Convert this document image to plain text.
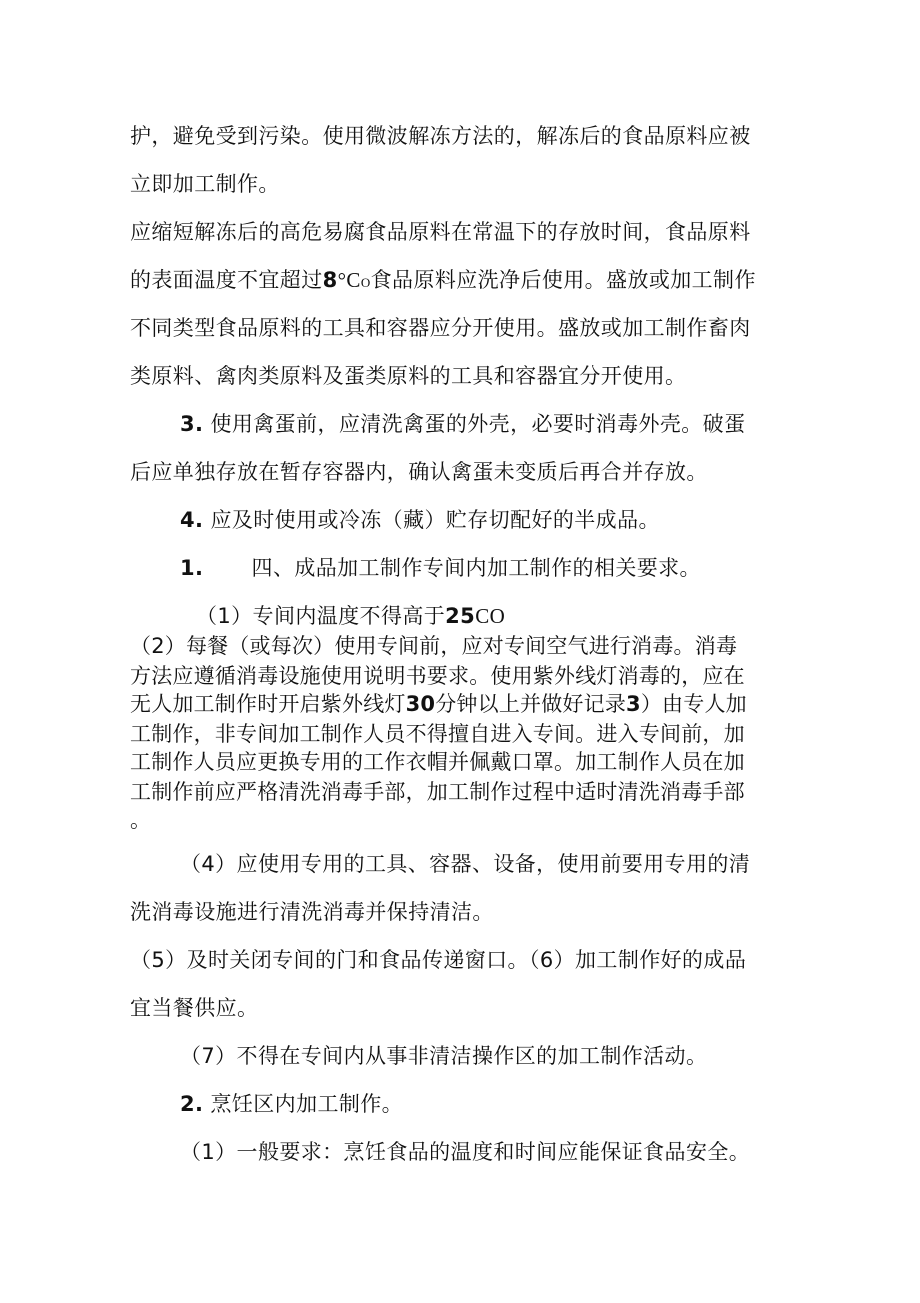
护，避免受到污染。使用微波解冻方法的，解冻后的食品原料应被
立即加工制作。
应缩短解冻后的高危易腐食品原料在常温下的存放时间，食品原料
的表面温度不宜超过8°CO食品原料应洗净后使用。盛放或加工制作
不同类型食品原料的工具和容器应分开使用。盛放或加工制作畜肉
类原料、禽肉类原料及蛋类原料的工具和容器宜分开使用。
3. 使用禽蛋前，应清洗禽蛋的外壳，必要时消毒外壳。破蛋
后应单独存放在暂存容器内，确认禽蛋未变质后再合并存放。
4. 应及时使用或冷冻（藏）贮存切配好的半成品。
1. 四、成品加工制作专间内加工制作的相关要求。
（1）专间内温度不得高于25CO
（2）每餐（或每次）使用专间前，应对专间空气进行消毒。消毒
方法应遵循消毒设施使用说明书要求。使用紫外线灯消毒的，应在
无人加工制作时开启紫外线灯30分钟以上并做好记录3）由专人加
工制作，非专间加工制作人员不得擅自进入专间。进入专间前，加
工制作人员应更换专用的工作衣帽并佩戴口罩。加工制作人员在加
工制作前应严格清洗消毒手部，加工制作过程中适时清洗消毒手部
。
（4）应使用专用的工具、容器、设备，使用前要用专用的清
洗消毒设施进行清洗消毒并保持清洁。
（5）及时关闭专间的门和食品传递窗口。（6）加工制作好的成品
宜当餐供应。
（7）不得在专间内从事非清洁操作区的加工制作活动。
2. 烹饪区内加工制作。
（1）一般要求：烹饪食品的温度和时间应能保证食品安全。
